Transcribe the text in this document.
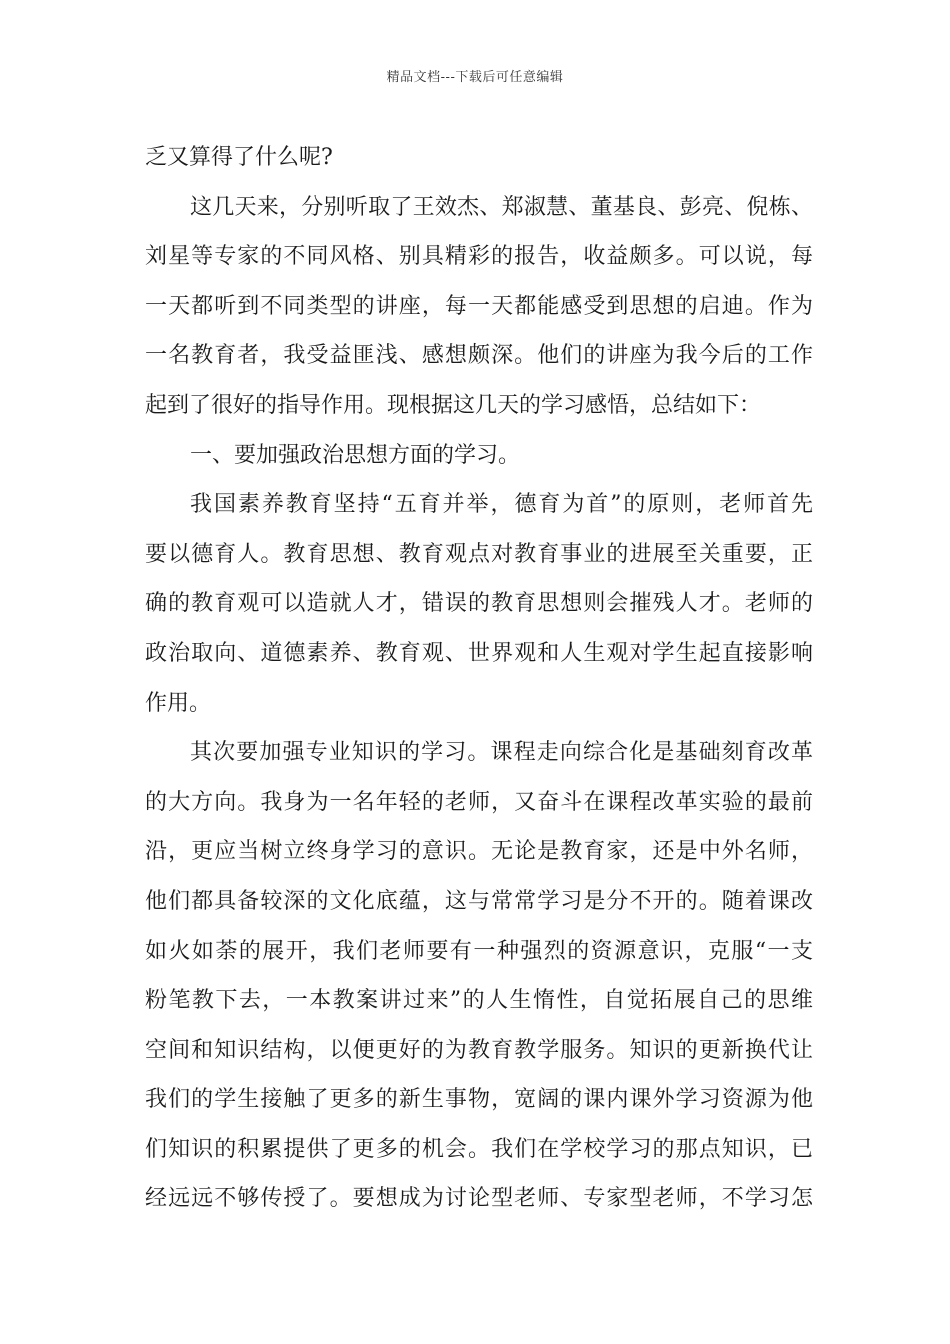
精品文档---下载后可任意编辑
乏又算得了什么呢?
这几天来，分别听取了王效杰、郑淑慧、董基良、彭亮、倪栋、
刘星等专家的不同风格、别具精彩的报告，收益颇多。可以说，每
一天都听到不同类型的讲座，每一天都能感受到思想的启迪。作为
一名教育者，我受益匪浅、感想颇深。他们的讲座为我今后的工作
起到了很好的指导作用。现根据这几天的学习感悟，总结如下：
一、要加强政治思想方面的学习。
我国素养教育坚持“五育并举，德育为首”的原则，老师首先
要以德育人。教育思想、教育观点对教育事业的进展至关重要，正
确的教育观可以造就人才，错误的教育思想则会摧残人才。老师的
政治取向、道德素养、教育观、世界观和人生观对学生起直接影响
作用。
其次要加强专业知识的学习。课程走向综合化是基础刻育改革
的大方向。我身为一名年轻的老师，又奋斗在课程改革实验的最前
沿，更应当树立终身学习的意识。无论是教育家，还是中外名师，
他们都具备较深的文化底蕴，这与常常学习是分不开的。随着课改
如火如荼的展开，我们老师要有一种强烈的资源意识，克服“一支
粉笔教下去，一本教案讲过来”的人生惰性，自觉拓展自己的思维
空间和知识结构，以便更好的为教育教学服务。知识的更新换代让
我们的学生接触了更多的新生事物，宽阔的课内课外学习资源为他
们知识的积累提供了更多的机会。我们在学校学习的那点知识，已
经远远不够传授了。要想成为讨论型老师、专家型老师，不学习怎
